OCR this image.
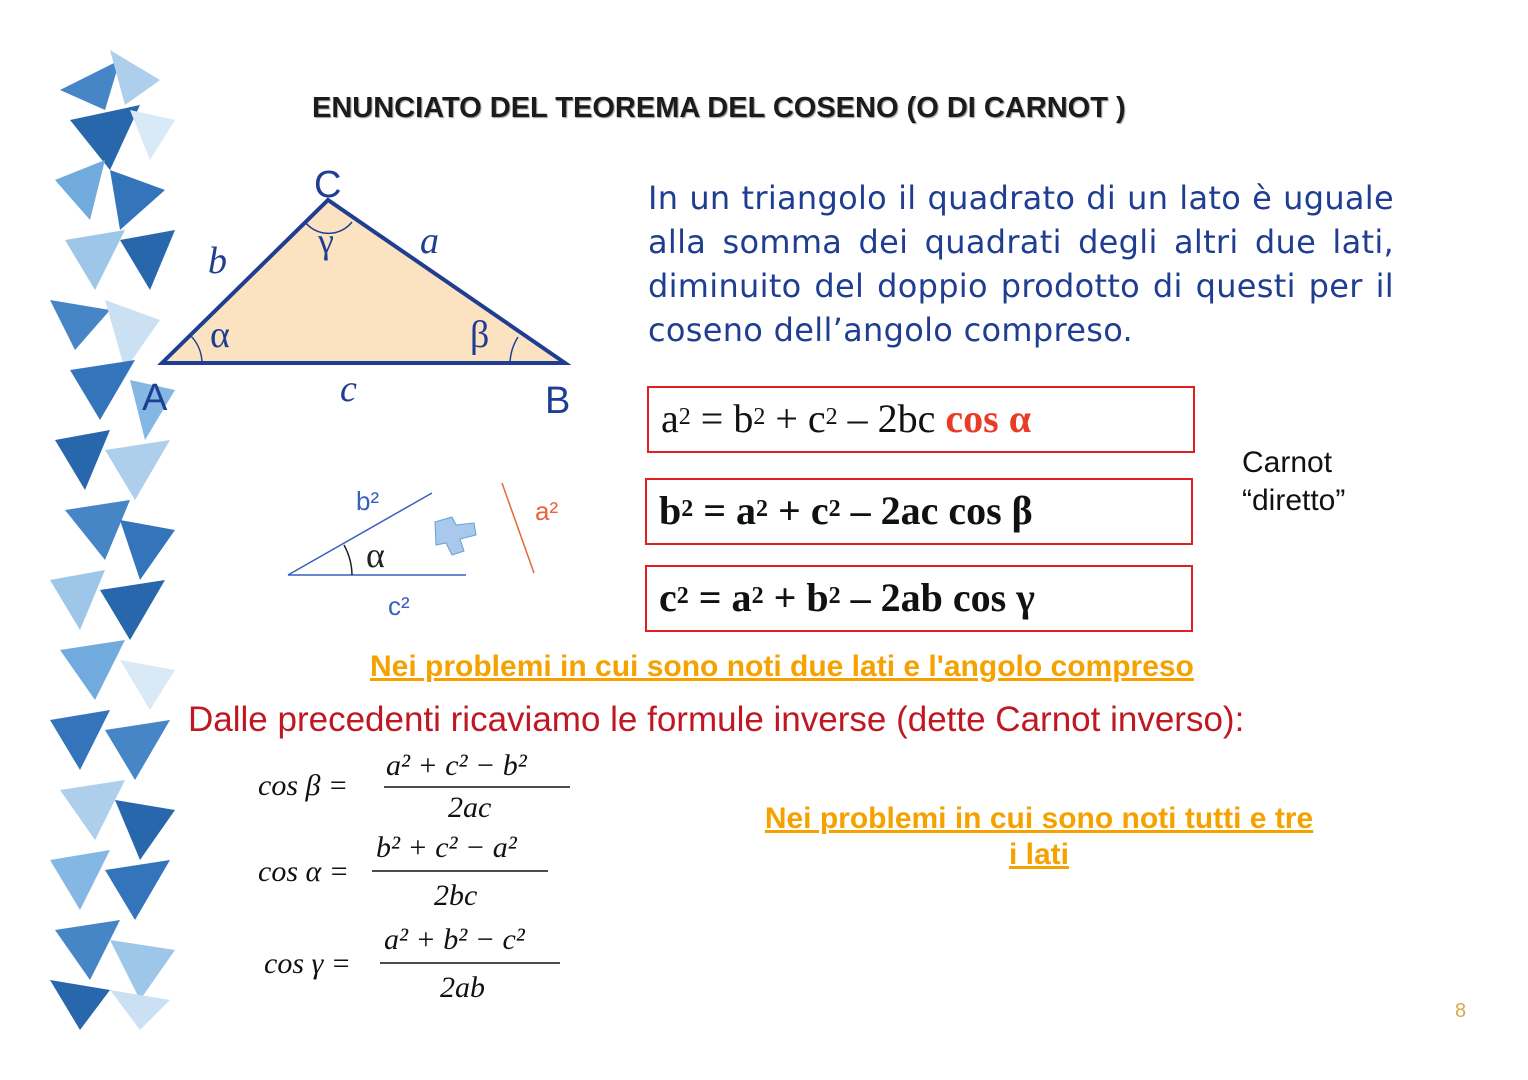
ENUNCIATO DEL TEOREMA DEL COSENO (O DI CARNOT )
A	B
C
a
b
c
α	β
γ
b²
c²
a²
α
In un triangolo il quadrato di un lato è uguale alla somma dei quadrati degli altri due lati, diminuito del doppio prodotto di questi per il coseno dell’angolo compreso.
$a^2 = b^2 + c^2 - 2bc$ cos α
$b^2 = a^2 + c^2 - 2ac$ cos β
$c^2 = a^2 + b^2 - 2ab$ cos γ
Carnot
“diretto”
Nei problemi in cui sono noti due lati e l'angolo compreso
Dalle precedenti ricaviamo le formule inverse (dette Carnot inverso):
cos β =
a² + c² − b²
2ac
cos α =
b² + c² − a²
2bc
cos γ =
a² + b² − c²
2ab
Nei problemi in cui sono noti tutti e tre
i lati
8
